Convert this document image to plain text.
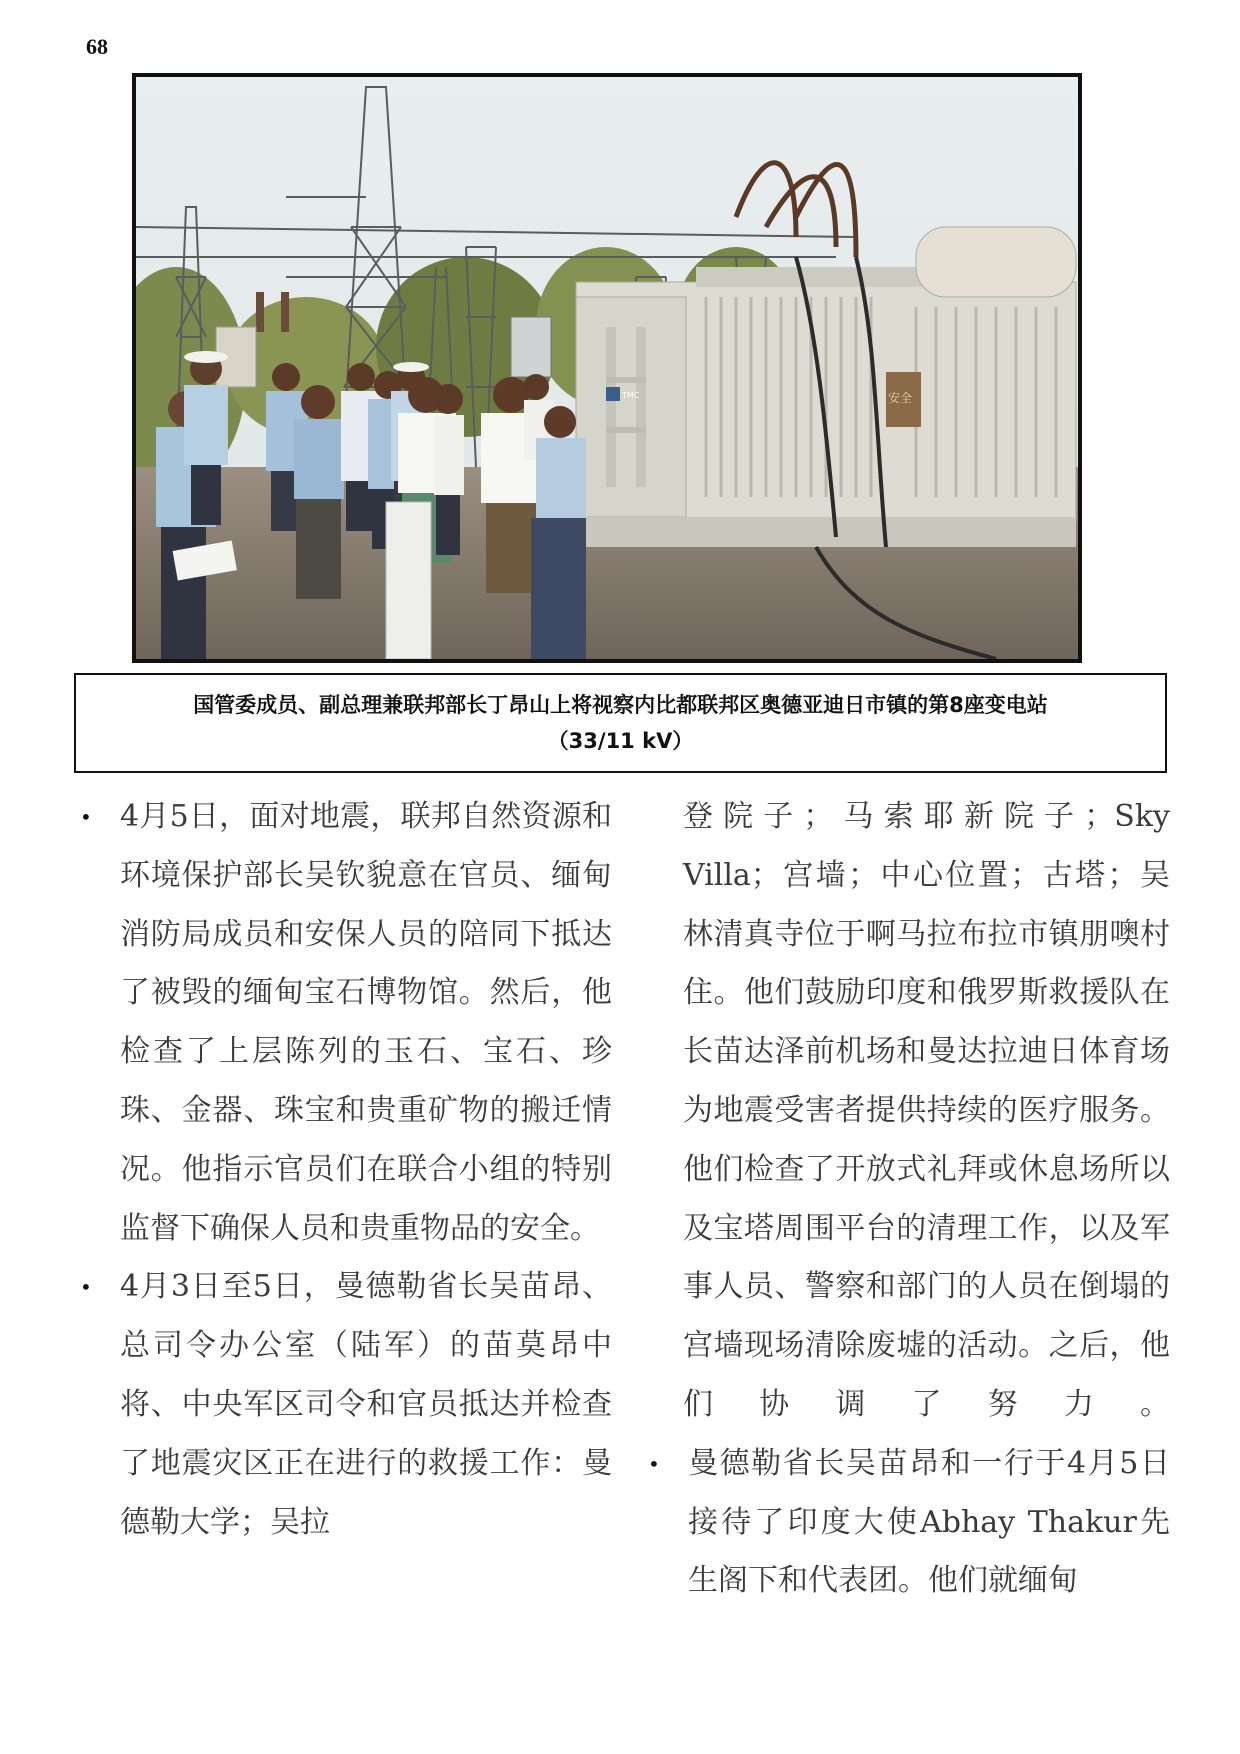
68
TMC	安全
国管委成员、副总理兼联邦部长丁昂山上将视察内比都联邦区奥德亚迪日市镇的第8座变电站
（33/11 kV）
• 4月5日，面对地震，联邦自然资源和环境保护部长吴钦貌意在官员、缅甸消防局成员和安保人员的陪同下抵达了被毁的缅甸宝石博物馆。然后，他检查了上层陈列的玉石、宝石、珍珠、金器、珠宝和贵重矿物的搬迁情况。他指示官员们在联合小组的特别监督下确保人员和贵重物品的安全。
• 4月3日至5日，曼德勒省长吴苗昂、总司令办公室（陆军）的苗莫昂中将、中央军区司令和官员抵达并检查了地震灾区正在进行的救援工作：曼德勒大学；吴拉
登院子；马索耶新院子；Sky Villa；宫墙；中心位置；古塔；吴林清真寺位于啊马拉布拉市镇朋噢村住。他们鼓励印度和俄罗斯救援队在长苗达泽前机场和曼达拉迪日体育场为地震受害者提供持续的医疗服务。他们检查了开放式礼拜或休息场所以及宝塔周围平台的清理工作，以及军事人员、警察和部门的人员在倒塌的宫墙现场清除废墟的活动。之后，他们协调了努力。
• 曼德勒省长吴苗昂和一行于4月5日接待了印度大使Abhay Thakur先生阁下和代表团。他们就缅甸
